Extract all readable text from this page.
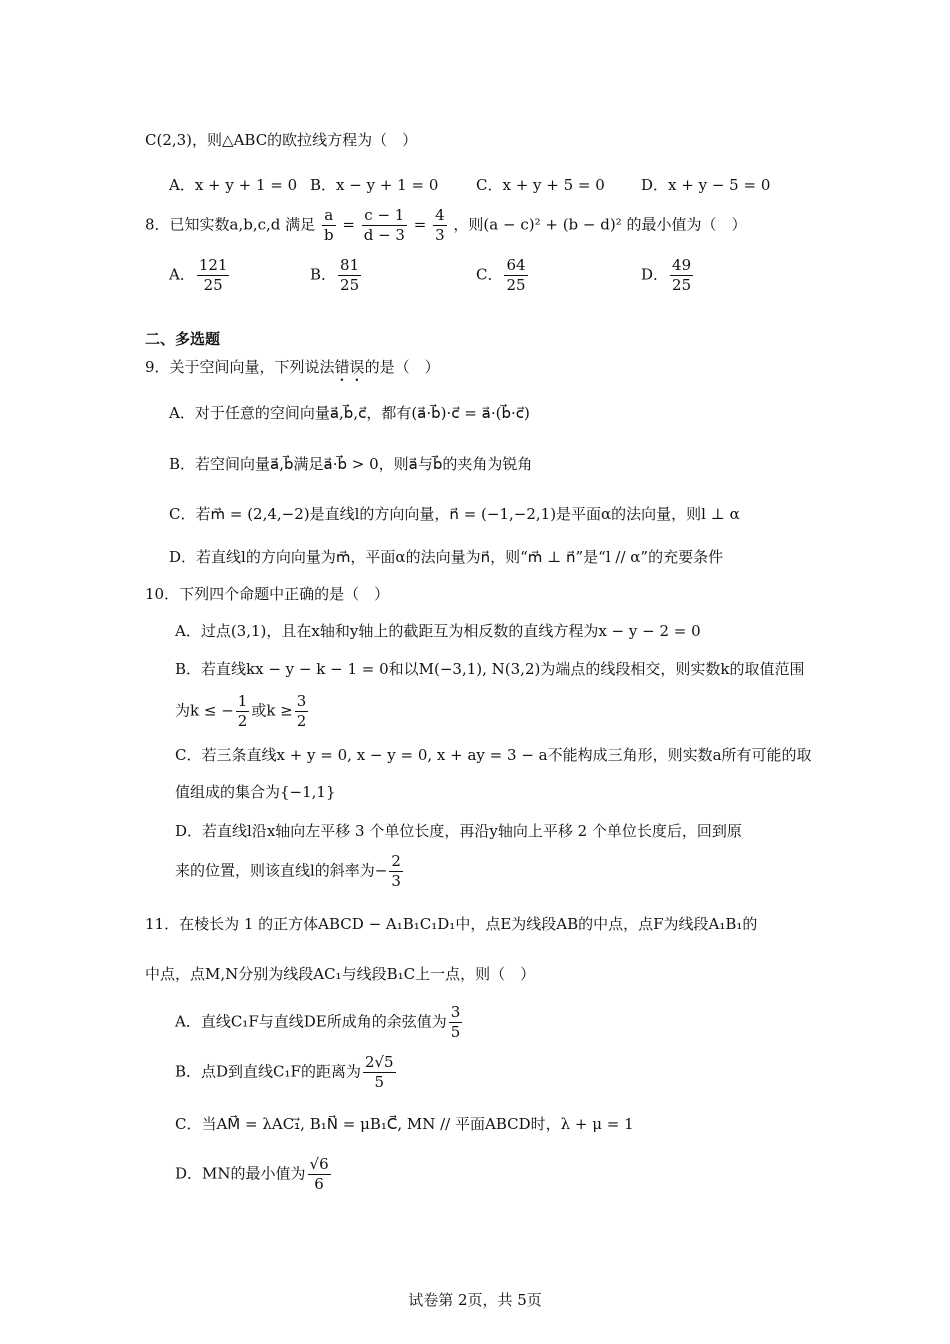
C(2,3)，则△ABC的欧拉线方程为（　）
A．x + y + 1 = 0 B．x − y + 1 = 0	C．x + y + 5 = 0 D．x + y − 5 = 0
8．已知实数a,b,c,d 满足 $\frac{a}{b} = \frac{c - 1}{d - 3} = \frac{4}{3}$ ，则(a − c)² + (b − d)² 的最小值为（　）
A． $\frac{121}{25}$	B． $\frac{81}{25}$	C． $\frac{64}{25}$	D． $\frac{49}{25}$
二、多选题
9．关于空间向量，下列说法错误的是（　）
A．对于任意的空间向量a⃗,b⃗,c⃗，都有(a⃗·b⃗)·c⃗ = a⃗·(b⃗·c⃗)
B．若空间向量a⃗,b⃗满足a⃗·b⃗ > 0，则a⃗与b⃗的夹角为锐角
C．若m⃗ = (2,4,−2)是直线l的方向向量，n⃗ = (−1,−2,1)是平面α的法向量，则l ⊥ α
D．若直线l的方向向量为m⃗，平面α的法向量为n⃗，则“m⃗ ⊥ n⃗”是“l // α”的充要条件
10．下列四个命题中正确的是（　）
A．过点(3,1)，且在x轴和y轴上的截距互为相反数的直线方程为x − y − 2 = 0
B．若直线kx − y − k − 1 = 0和以M(−3,1), N(3,2)为端点的线段相交，则实数k的取值范围
为k ≤ − $\frac{1}{2}$ 或$k \ge \frac{3}{2}$
C．若三条直线x + y = 0, x − y = 0, x + ay = 3 − a不能构成三角形，则实数a所有可能的取
值组成的集合为{−1,1}
D．若直线l沿x轴向左平移 3 个单位长度，再沿y轴向上平移 2 个单位长度后，回到原
来的位置，则该直线l的斜率为− $\frac{2}{3}$
11．在棱长为 1 的正方体ABCD − A₁B₁C₁D₁中，点E为线段AB的中点，点F为线段A₁B₁的
中点，点M,N分别为线段AC₁与线段B₁C上一点，则（　）
A．直线C₁F与直线DE所成角的余弦值为 $\frac{3}{5}$
B．点D到直线C₁F的距离为 $\frac{2√5}{5}$
C．当AM⃗ = λAC₁⃗, B₁N⃗ = μB₁C⃗, MN // 平面ABCD时，λ + μ = 1
D．MN的最小值为 $\frac{√6}{6}$
试卷第 2页，共 5页
